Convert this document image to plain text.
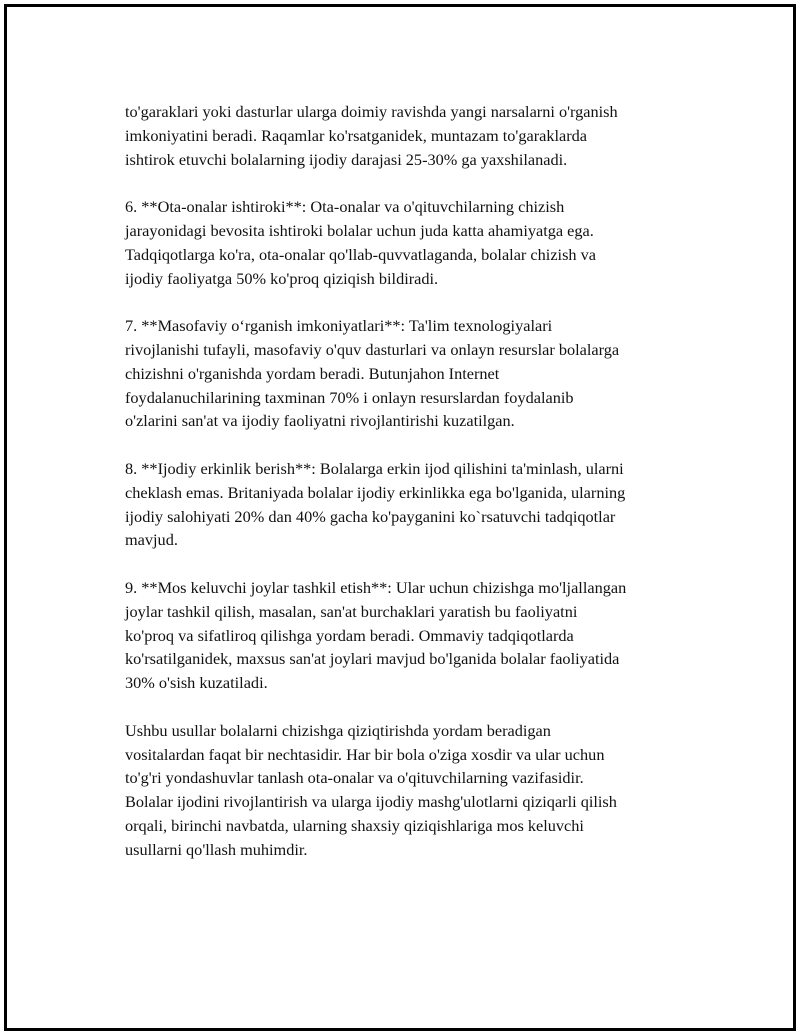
to'garaklari yoki dasturlar ularga doimiy ravishda yangi narsalarni o'rganish
imkoniyatini beradi. Raqamlar ko'rsatganidek, muntazam to'garaklarda
ishtirok etuvchi bolalarning ijodiy darajasi 25-30% ga yaxshilanadi.

6. **Ota-onalar ishtiroki**: Ota-onalar va o'qituvchilarning chizish
jarayonidagi bevosita ishtiroki bolalar uchun juda katta ahamiyatga ega.
Tadqiqotlarga ko'ra, ota-onalar qo'llab-quvvatlaganda, bolalar chizish va
ijodiy faoliyatga 50% ko'proq qiziqish bildiradi.

7. **Masofaviy o‘rganish imkoniyatlari**: Ta'lim texnologiyalari
rivojlanishi tufayli, masofaviy o'quv dasturlari va onlayn resurslar bolalarga
chizishni o'rganishda yordam beradi. Butunjahon Internet
foydalanuchilarining taxminan 70% i onlayn resurslardan foydalanib
o'zlarini san'at va ijodiy faoliyatni rivojlantirishi kuzatilgan.

8. **Ijodiy erkinlik berish**: Bolalarga erkin ijod qilishini ta'minlash, ularni
cheklash emas. Britaniyada bolalar ijodiy erkinlikka ega bo'lganida, ularning
ijodiy salohiyati 20% dan 40% gacha ko'payganini ko`rsatuvchi tadqiqotlar
mavjud.

9. **Mos keluvchi joylar tashkil etish**: Ular uchun chizishga mo'ljallangan
joylar tashkil qilish, masalan, san'at burchaklari yaratish bu faoliyatni
ko'proq va sifatliroq qilishga yordam beradi. Ommaviy tadqiqotlarda
ko'rsatilganidek, maxsus san'at joylari mavjud bo'lganida bolalar faoliyatida
30% o'sish kuzatiladi.

Ushbu usullar bolalarni chizishga qiziqtirishda yordam beradigan
vositalardan faqat bir nechtasidir. Har bir bola o'ziga xosdir va ular uchun
to'g'ri yondashuvlar tanlash ota-onalar va o'qituvchilarning vazifasidir.
Bolalar ijodini rivojlantirish va ularga ijodiy mashg'ulotlarni qiziqarli qilish
orqali, birinchi navbatda, ularning shaxsiy qiziqishlariga mos keluvchi
usullarni qo'llash muhimdir.
